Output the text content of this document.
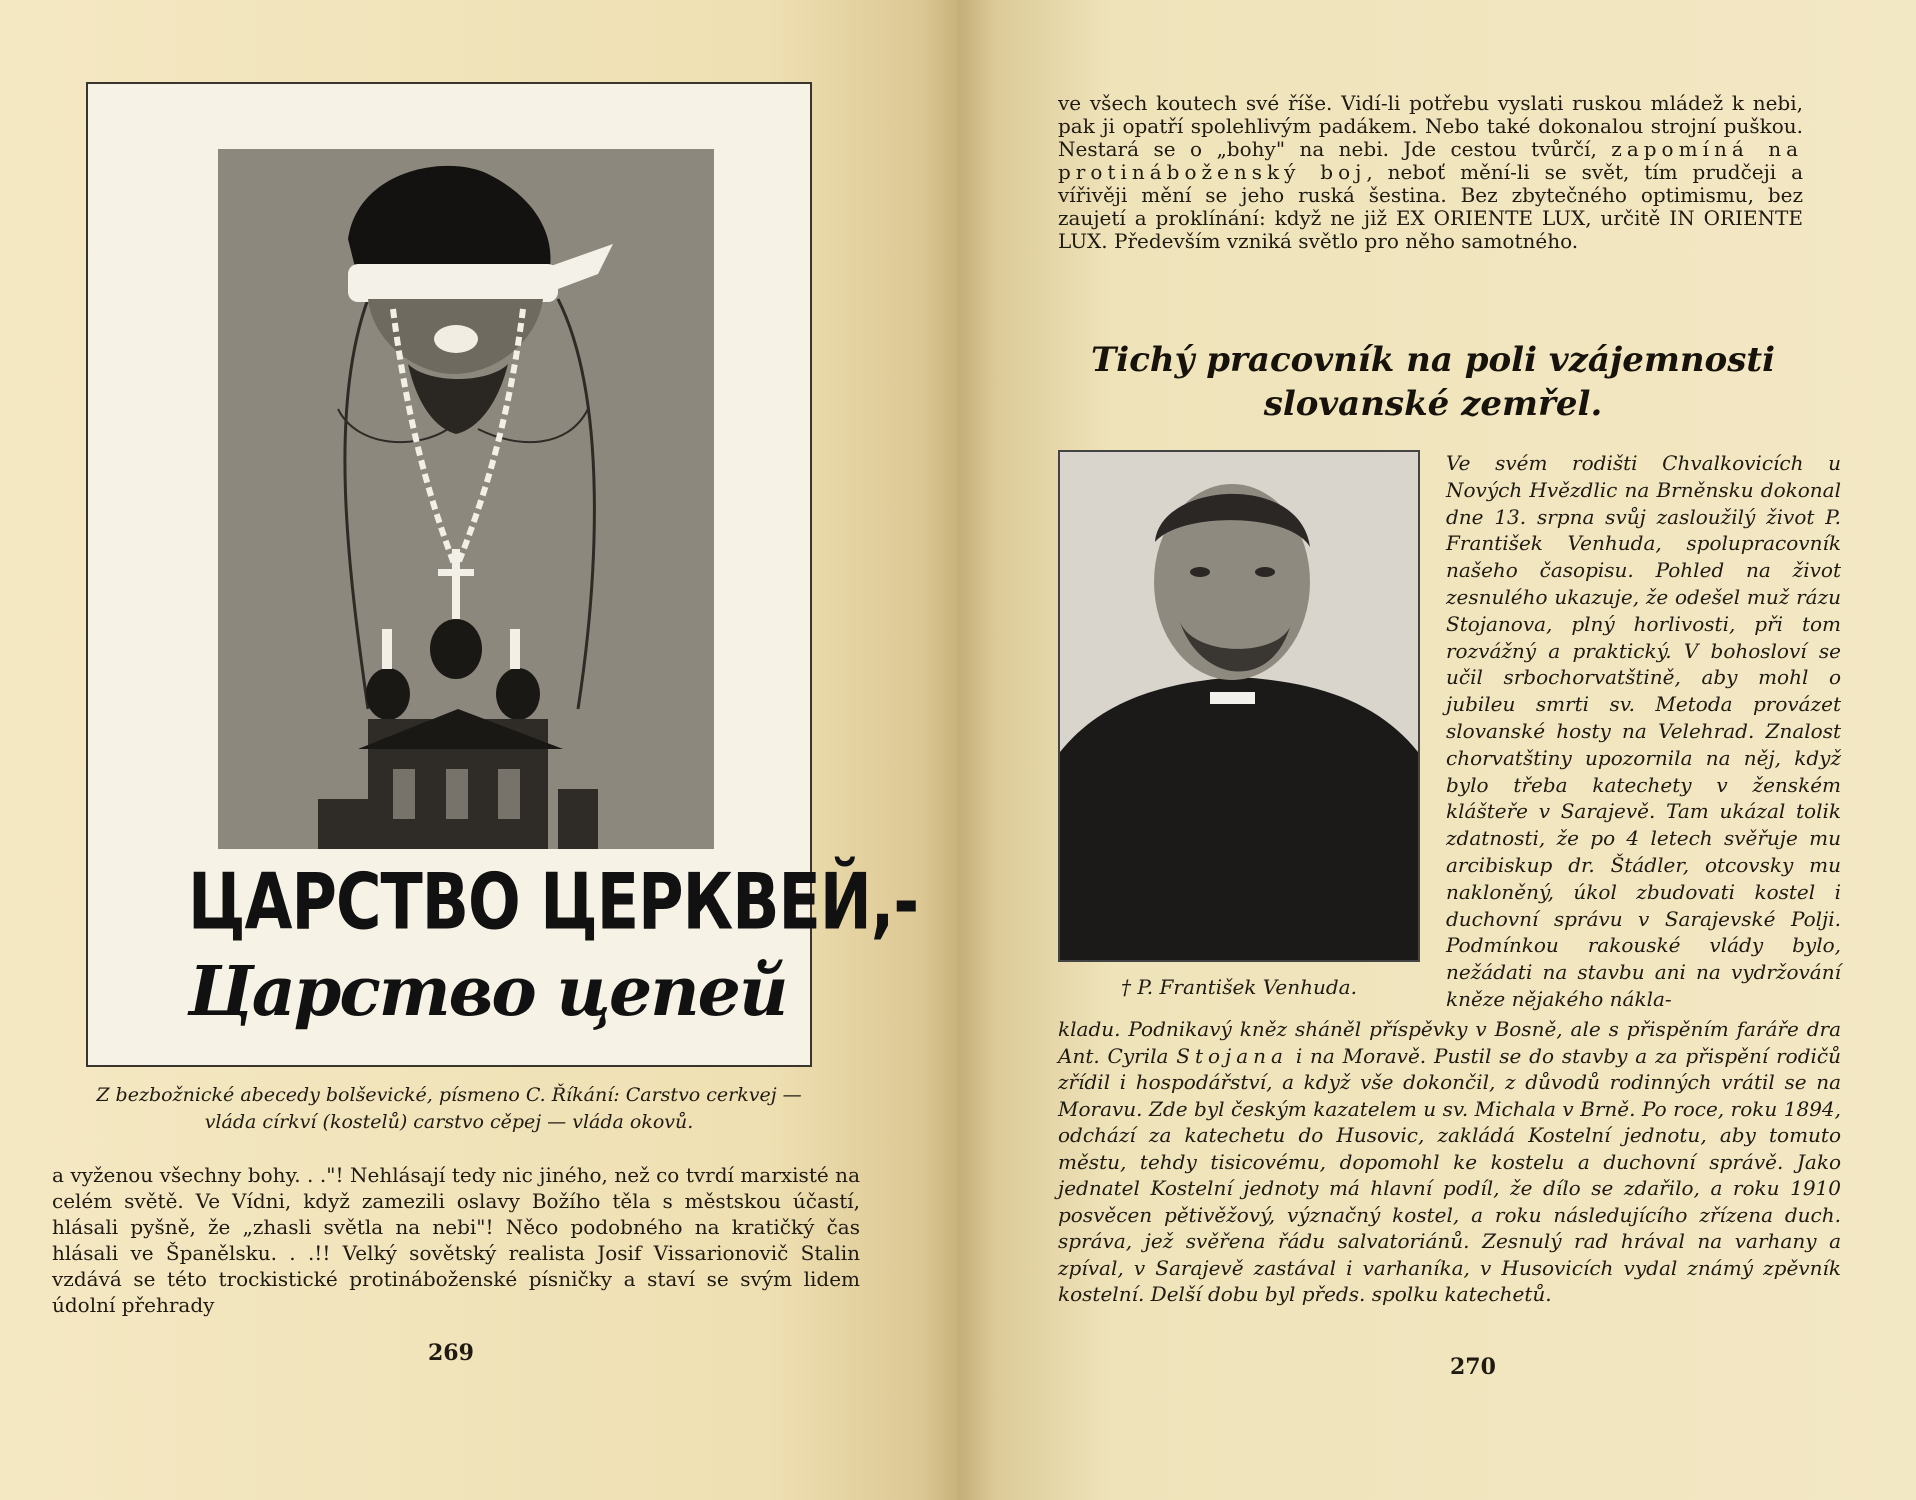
ЦАРСТВО ЦЕРКВЕЙ,-
Царство цепей
Z bezbožnické abecedy bolševické, písmeno C. Říkání: Carstvo cerkvej — vláda církví (kostelů) carstvo cěpej — vláda okovů.
a vyženou všechny bohy. . ."! Nehlásají tedy nic jiného, než co tvrdí marxisté na celém světě. Ve Vídni, když zamezili oslavy Božího těla s městskou účastí, hlásali pyšně, že „zhasli světla na nebi"! Něco podobného na kratičký čas hlásali ve Španělsku. . .!! Velký sovětský realista Josif Vissarionovič Stalin vzdává se této trockistické protináboženské písničky a staví se svým lidem údolní přehrady
269
ve všech koutech své říše. Vidí-li potřebu vyslati ruskou mládež k nebi, pak ji opatří spolehlivým padákem. Nebo také dokonalou strojní puškou. Nestará se o „bohy" na nebi. Jde cestou tvůrčí, zapomíná na protináboženský boj, neboť mění-li se svět, tím prudčeji a vířivěji mění se jeho ruská šestina. Bez zbytečného optimismu, bez zaujetí a proklínání: když ne již EX ORIENTE LUX, určitě IN ORIENTE LUX. Především vzniká světlo pro něho samotného.
Tichý pracovník na poli vzájemnosti slovanské zemřel.
† P. František Venhuda.
Ve svém rodišti Chvalkovicích u Nových Hvězdlic na Brněnsku dokonal dne 13. srpna svůj zasloužilý život P. František Venhuda, spolupracovník našeho časopisu. Pohled na život zesnulého ukazuje, že odešel muž rázu Stojanova, plný horlivosti, při tom rozvážný a praktický. V bohosloví se učil srbochorvatštině, aby mohl o jubileu smrti sv. Metoda provázet slovanské hosty na Velehrad. Znalost chorvatštiny upozornila na něj, když bylo třeba katechety v ženském klášteře v Sarajevě. Tam ukázal tolik zdatnosti, že po 4 letech svěřuje mu arcibiskup dr. Štádler, otcovsky mu nakloněný, úkol zbudovati kostel i duchovní správu v Sarajevské Polji. Podmínkou rakouské vlády bylo, nežádati na stavbu ani na vydržování kněze nějakého nákla-
kladu. Podnikavý kněz sháněl příspěvky v Bosně, ale s přispěním faráře dra Ant. Cyrila Stojana i na Moravě. Pustil se do stavby a za přispění rodičů zřídil i hospodářství, a když vše dokončil, z důvodů rodinných vrátil se na Moravu. Zde byl českým kazatelem u sv. Michala v Brně. Po roce, roku 1894, odchází za katechetu do Husovic, zakládá Kostelní jednotu, aby tomuto městu, tehdy tisicovému, dopomohl ke kostelu a duchovní správě. Jako jednatel Kostelní jednoty má hlavní podíl, že dílo se zdařilo, a roku 1910 posvěcen pětivěžový, význačný kostel, a roku následujícího zřízena duch. správa, jež svěřena řádu salvatoriánů. Zesnulý rad hrával na varhany a zpíval, v Sarajevě zastával i varhaníka, v Husovicích vydal známý zpěvník kostelní. Delší dobu byl předs. spolku katechetů.
270
